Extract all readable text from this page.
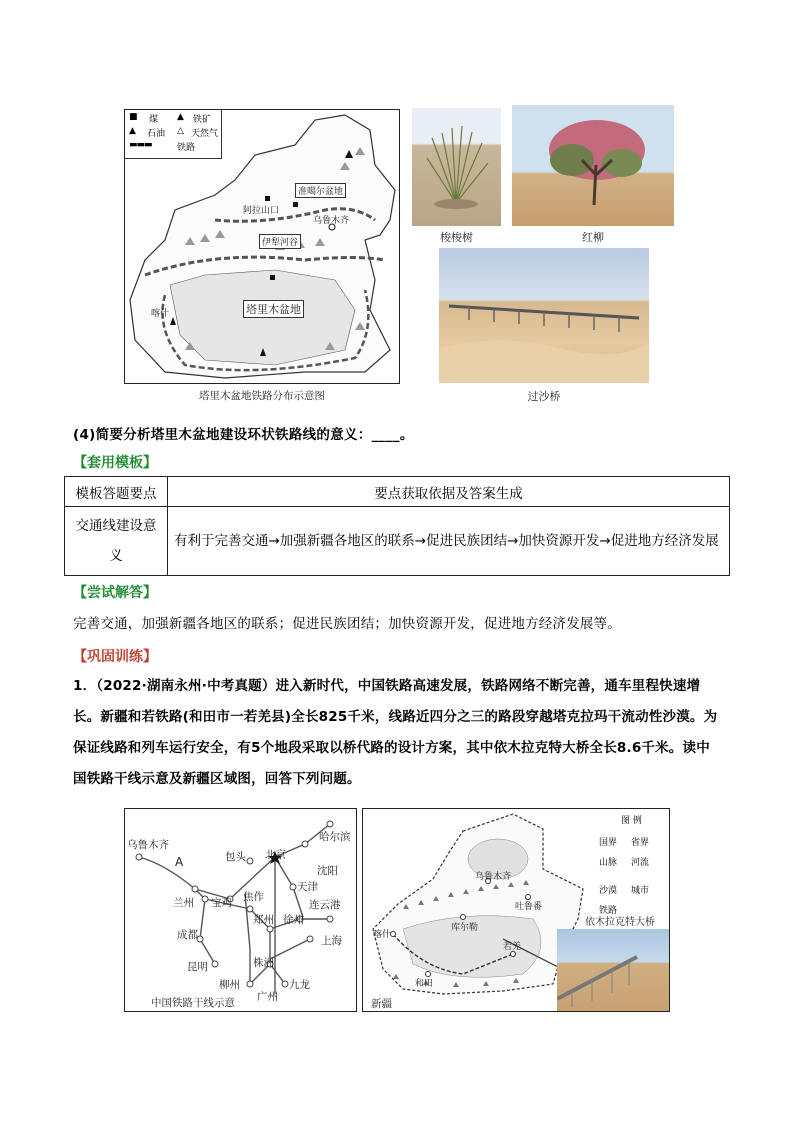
■ 煤 ▲ 铁矿
▲ 石油 △ 天然气
▬▬▬	铁路
准噶尔盆地
阿拉山口
乌鲁木齐
伊犁河谷
塔里木盆地
喀什
塔里木盆地铁路分布示意图
梭梭树	红柳
过沙桥
(4)简要分析塔里木盆地建设环状铁路线的意义：____。
【套用模板】
模板答题要点	要点获取依据及答案生成
交通线建设意义	有利于完善交通→加强新疆各地区的联系→促进民族团结→加快资源开发→促进地方经济发展
【尝试解答】
完善交通，加强新疆各地区的联系；促进民族团结；加快资源开发，促进地方经济发展等。
【巩固训练】
1．（2022·湖南永州·中考真题）进入新时代，中国铁路高速发展，铁路网络不断完善，通车里程快速增长。新疆和若铁路(和田市一若羌县)全长825千米，线路近四分之三的路段穿越塔克拉玛干流动性沙漠。为保证线路和列车运行安全，有5个地段采取以桥代路的设计方案，其中依木拉克特大桥全长8.6千米。读中国铁路干线示意及新疆区域图，回答下列问题。
乌鲁木齐
A	包头 北京
哈尔滨
沈阳
天津
兰州 宝鸡 焦作
郑州 徐州
连云港
成都	上海
昆明	株洲
柳州
广州
九龙
中国铁路干线示意
图 例
国界 省界
山脉 河流
沙漠 城市
铁路
依木拉克特大桥
乌鲁木齐
吐鲁番
库尔勒
喀什
和田
若羌
新疆
